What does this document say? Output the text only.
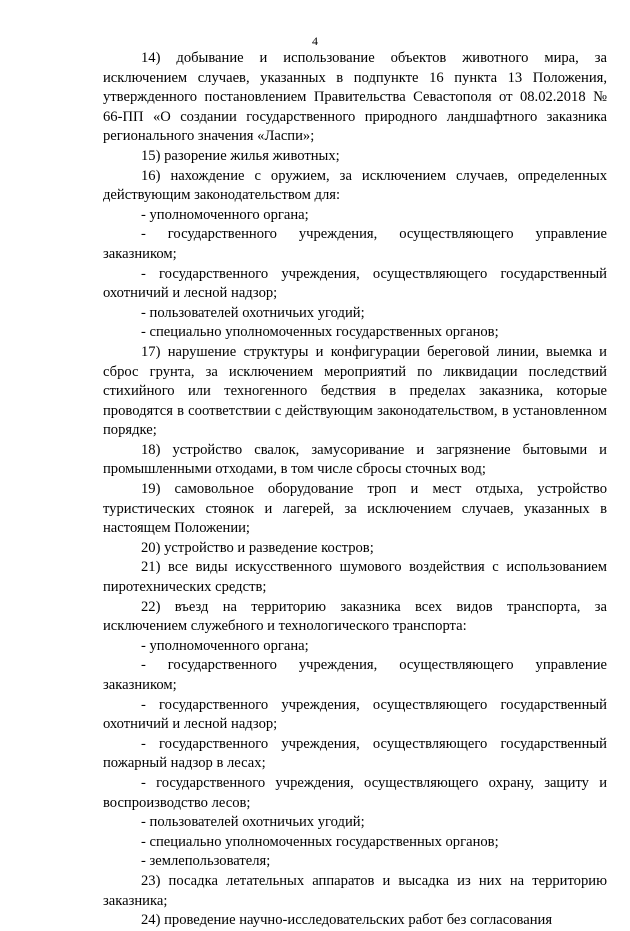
4

14) добывание и использование объектов животного мира, за исключением случаев, указанных в подпункте 16 пункта 13 Положения, утвержденного постановлением Правительства Севастополя от 08.02.2018 № 66-ПП «О создании государственного природного ландшафтного заказника регионального значения «Ласпи»;

15) разорение жилья животных;

16) нахождение с оружием, за исключением случаев, определенных действующим законодательством для:

- уполномоченного органа;

- государственного учреждения, осуществляющего управление заказником;

- государственного учреждения, осуществляющего государственный охотничий и лесной надзор;

- пользователей охотничьих угодий;

- специально уполномоченных государственных органов;

17) нарушение структуры и конфигурации береговой линии, выемка и сброс грунта, за исключением мероприятий по ликвидации последствий стихийного или техногенного бедствия в пределах заказника, которые проводятся в соответствии с действующим законодательством, в установленном порядке;

18) устройство свалок, замусоривание и загрязнение бытовыми и промышленными отходами, в том числе сбросы сточных вод;

19) самовольное оборудование троп и мест отдыха, устройство туристических стоянок и лагерей, за исключением случаев, указанных в настоящем Положении;

20) устройство и разведение костров;

21) все виды искусственного шумового воздействия с использованием пиротехнических средств;

22) въезд на территорию заказника всех видов транспорта, за исключением служебного и технологического транспорта:

- уполномоченного органа;

- государственного учреждения, осуществляющего управление заказником;

- государственного учреждения, осуществляющего государственный охотничий и лесной надзор;

- государственного учреждения, осуществляющего государственный пожарный надзор в лесах;

- государственного учреждения, осуществляющего охрану, защиту и воспроизводство лесов;

- пользователей охотничьих угодий;

- специально уполномоченных государственных органов;

- землепользователя;

23) посадка летательных аппаратов и высадка из них на территорию заказника;

24) проведение научно-исследовательских работ без согласования
